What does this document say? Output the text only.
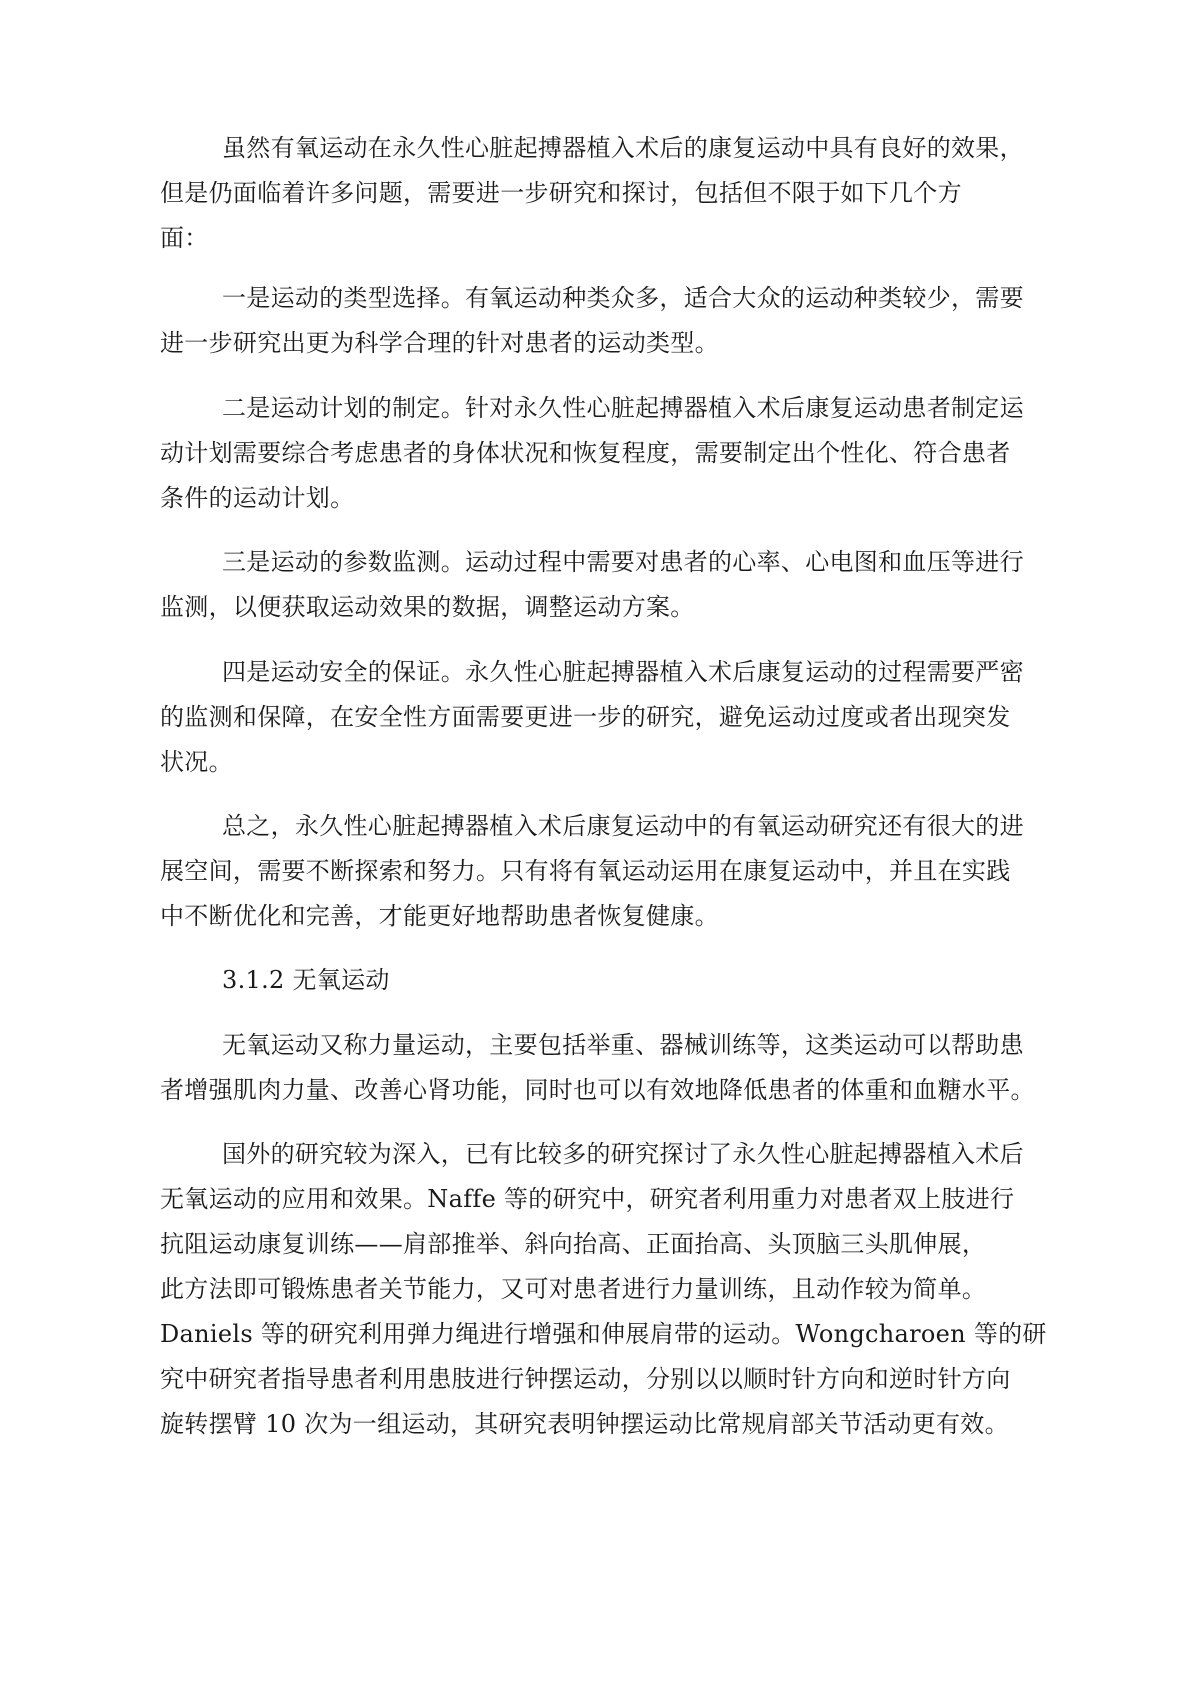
虽然有氧运动在永久性心脏起搏器植入术后的康复运动中具有良好的效果，
但是仍面临着许多问题，需要进一步研究和探讨，包括但不限于如下几个方
面：
一是运动的类型选择。有氧运动种类众多，适合大众的运动种类较少，需要
进一步研究出更为科学合理的针对患者的运动类型。
二是运动计划的制定。针对永久性心脏起搏器植入术后康复运动患者制定运
动计划需要综合考虑患者的身体状况和恢复程度，需要制定出个性化、符合患者
条件的运动计划。
三是运动的参数监测。运动过程中需要对患者的心率、心电图和血压等进行
监测，以便获取运动效果的数据，调整运动方案。
四是运动安全的保证。永久性心脏起搏器植入术后康复运动的过程需要严密
的监测和保障，在安全性方面需要更进一步的研究，避免运动过度或者出现突发
状况。
总之，永久性心脏起搏器植入术后康复运动中的有氧运动研究还有很大的进
展空间，需要不断探索和努力。只有将有氧运动运用在康复运动中，并且在实践
中不断优化和完善，才能更好地帮助患者恢复健康。
3.1.2 无氧运动
无氧运动又称力量运动，主要包括举重、器械训练等，这类运动可以帮助患
者增强肌肉力量、改善心肾功能，同时也可以有效地降低患者的体重和血糖水平。
国外的研究较为深入，已有比较多的研究探讨了永久性心脏起搏器植入术后
无氧运动的应用和效果。Naffe 等的研究中，研究者利用重力对患者双上肢进行
抗阻运动康复训练——肩部推举、斜向抬高、正面抬高、头顶脑三头肌伸展，
此方法即可锻炼患者关节能力，又可对患者进行力量训练，且动作较为简单。
Daniels 等的研究利用弹力绳进行增强和伸展肩带的运动。Wongcharoen 等的研
究中研究者指导患者利用患肢进行钟摆运动，分别以以顺时针方向和逆时针方向
旋转摆臂 10 次为一组运动，其研究表明钟摆运动比常规肩部关节活动更有效。
